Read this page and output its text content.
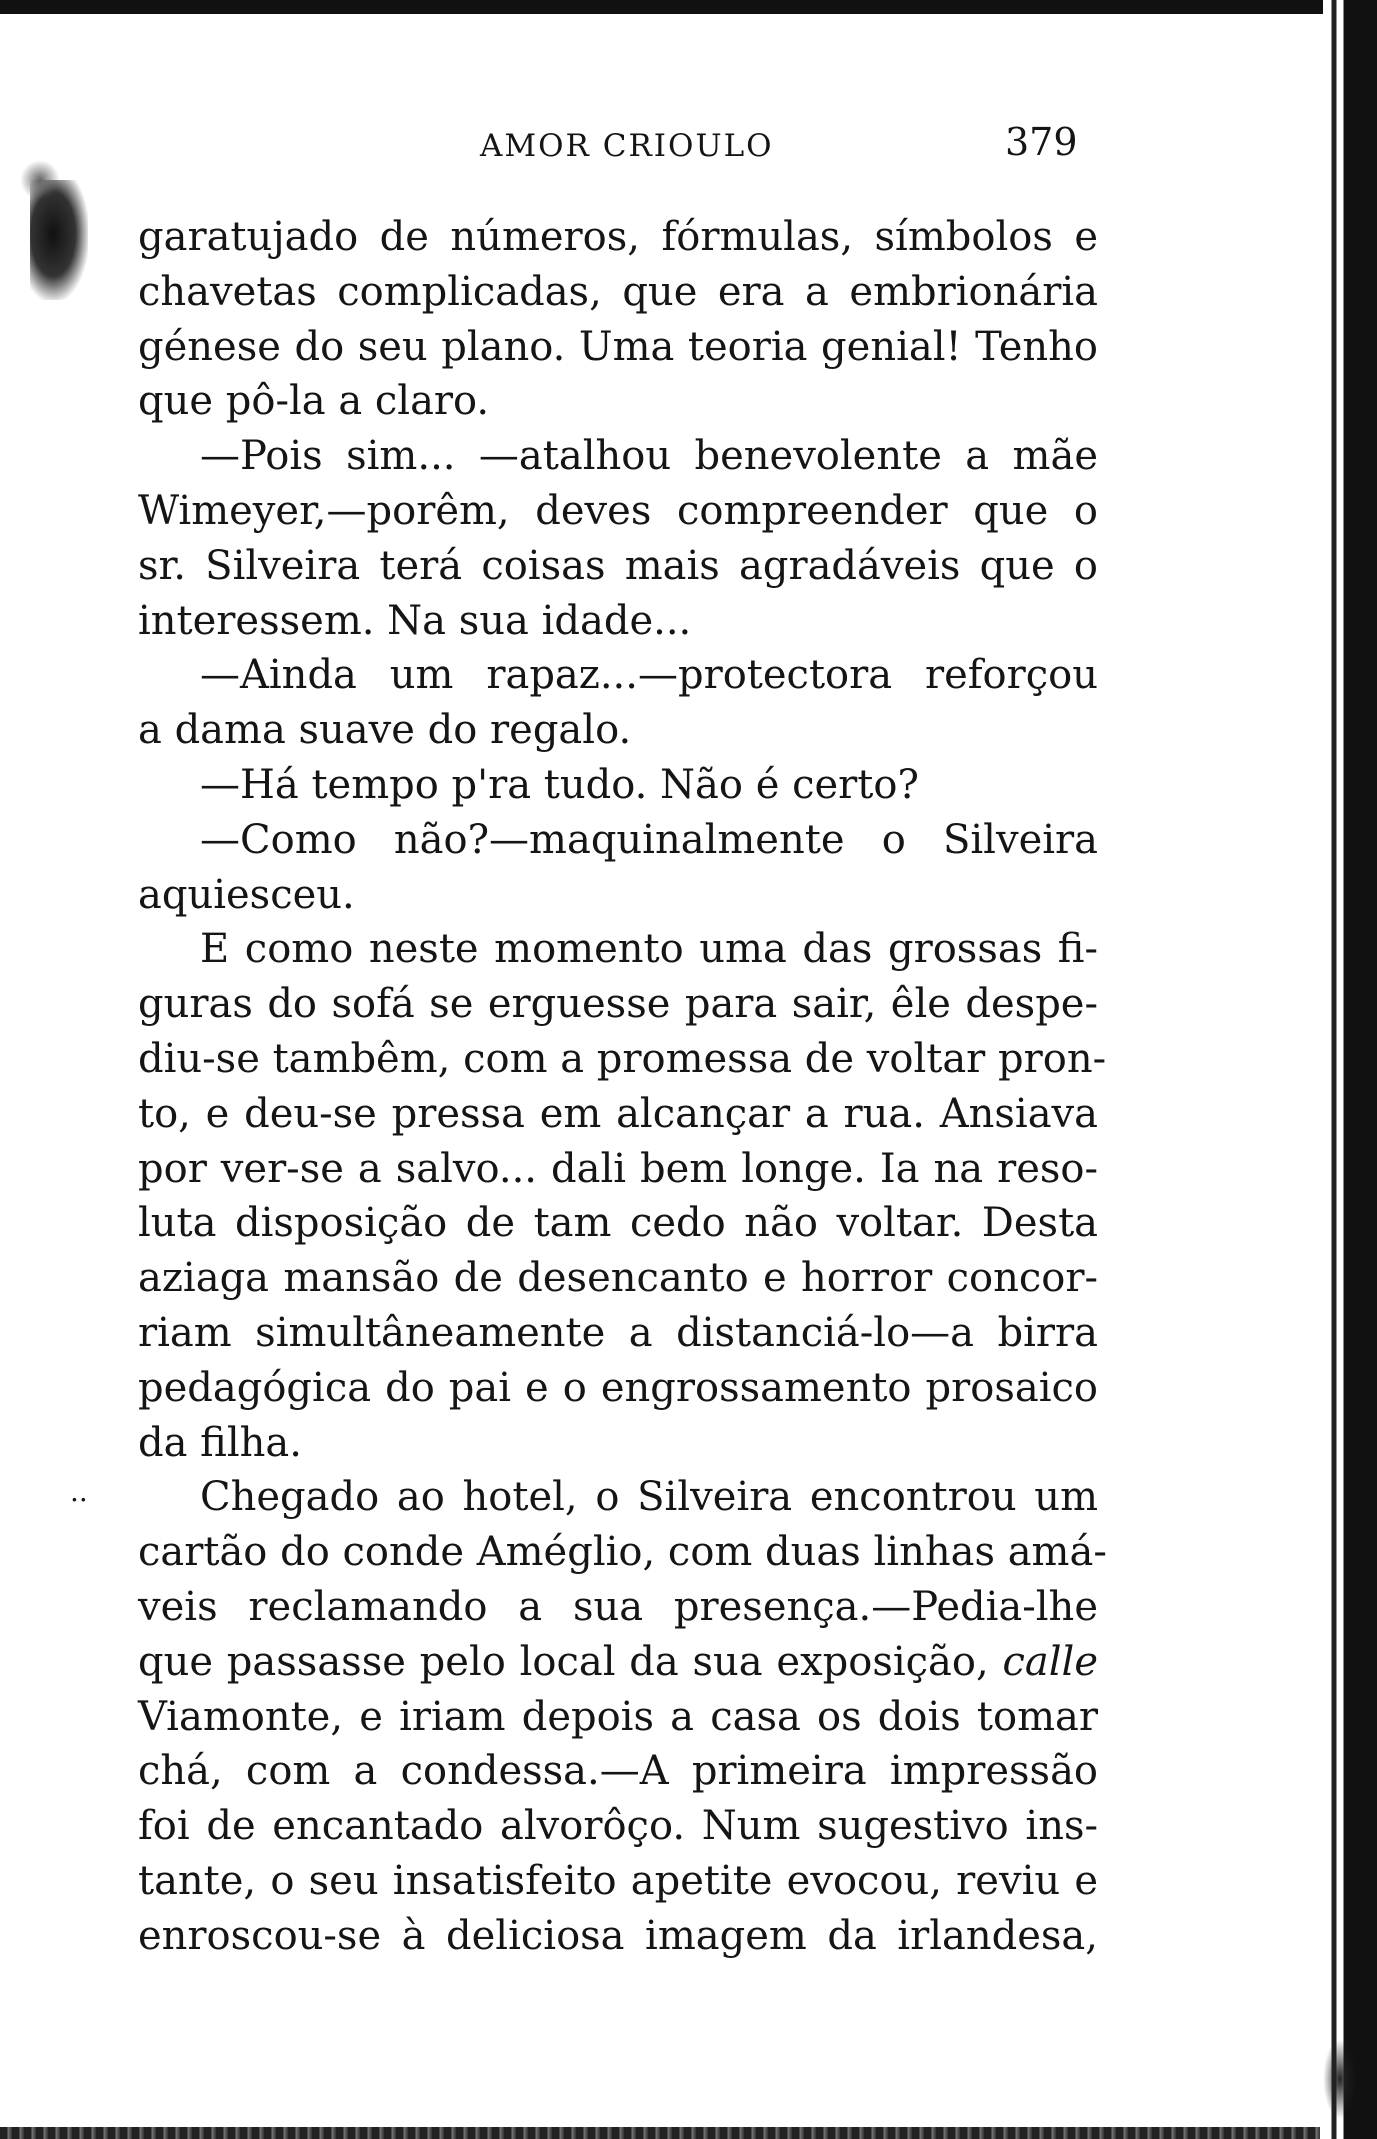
..
AMOR CRIOULO	379
garatujado de números, fórmulas, símbolos e
chavetas complicadas, que era a embrionária
génese do seu plano. Uma teoria genial! Tenho
que pô-la a claro.
—Pois sim... —atalhou benevolente a mãe
Wimeyer,—porêm, deves compreender que o
sr. Silveira terá coisas mais agradáveis que o
interessem. Na sua idade...
—Ainda um rapaz...—protectora reforçou
a dama suave do regalo.
—Há tempo p'ra tudo. Não é certo?
—Como não?—maquinalmente o Silveira
aquiesceu.
E como neste momento uma das grossas fi-
guras do sofá se erguesse para sair, êle despe-
diu-se tambêm, com a promessa de voltar pron-
to, e deu-se pressa em alcançar a rua. Ansiava
por ver-se a salvo... dali bem longe. Ia na reso-
luta disposição de tam cedo não voltar. Desta
aziaga mansão de desencanto e horror concor-
riam simultâneamente a distanciá-lo—a birra
pedagógica do pai e o engrossamento prosaico
da filha.
Chegado ao hotel, o Silveira encontrou um
cartão do conde Améglio, com duas linhas amá-
veis reclamando a sua presença.—Pedia-lhe
que passasse pelo local da sua exposição, calle
Viamonte, e iriam depois a casa os dois tomar
chá, com a condessa.—A primeira impressão
foi de encantado alvorôço. Num sugestivo ins-
tante, o seu insatisfeito apetite evocou, reviu e
enroscou-se à deliciosa imagem da irlandesa,
